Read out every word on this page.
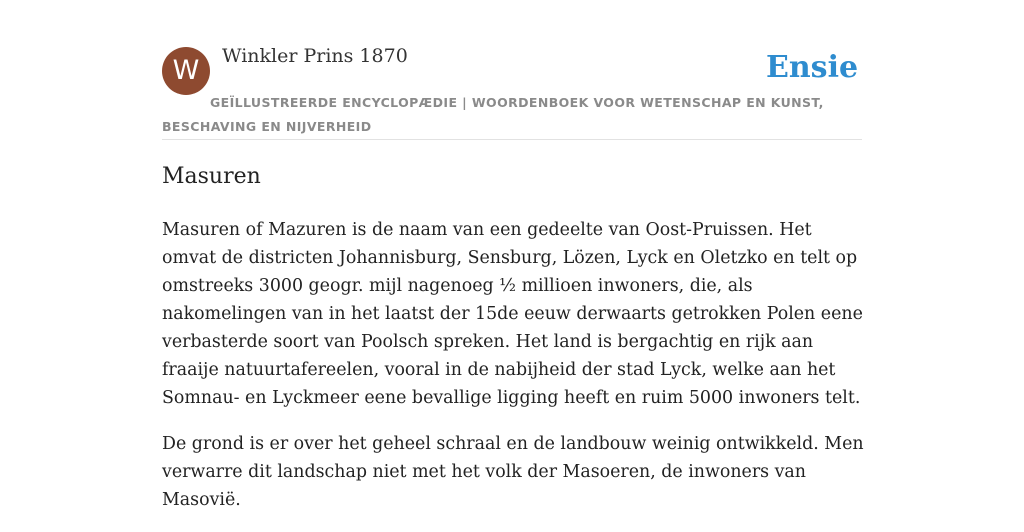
W	Winkler Prins 1870	Ensie
GEÏLLUSTREERDE ENCYCLOPÆDIE | WOORDENBOEK VOOR WETENSCHAP EN KUNST, BESCHAVING EN NIJVERHEID
Masuren

Masuren of Mazuren is de naam van een gedeelte van Oost-Pruissen. Het omvat de districten Johannisburg, Sensburg, Lözen, Lyck en Oletzko en telt op omstreeks 3000 geogr. mijl nagenoeg ½ millioen inwoners, die, als nakomelingen van in het laatst der 15de eeuw derwaarts getrokken Polen eene verbasterde soort van Poolsch spreken. Het land is bergachtig en rijk aan fraaije natuurtafereelen, vooral in de nabijheid der stad Lyck, welke aan het Somnau- en Lyckmeer eene bevallige ligging heeft en ruim 5000 inwoners telt.

De grond is er over het geheel schraal en de landbouw weinig ontwikkeld. Men verwarre dit landschap niet met het volk der Masoeren, de inwoners van Masovië.
